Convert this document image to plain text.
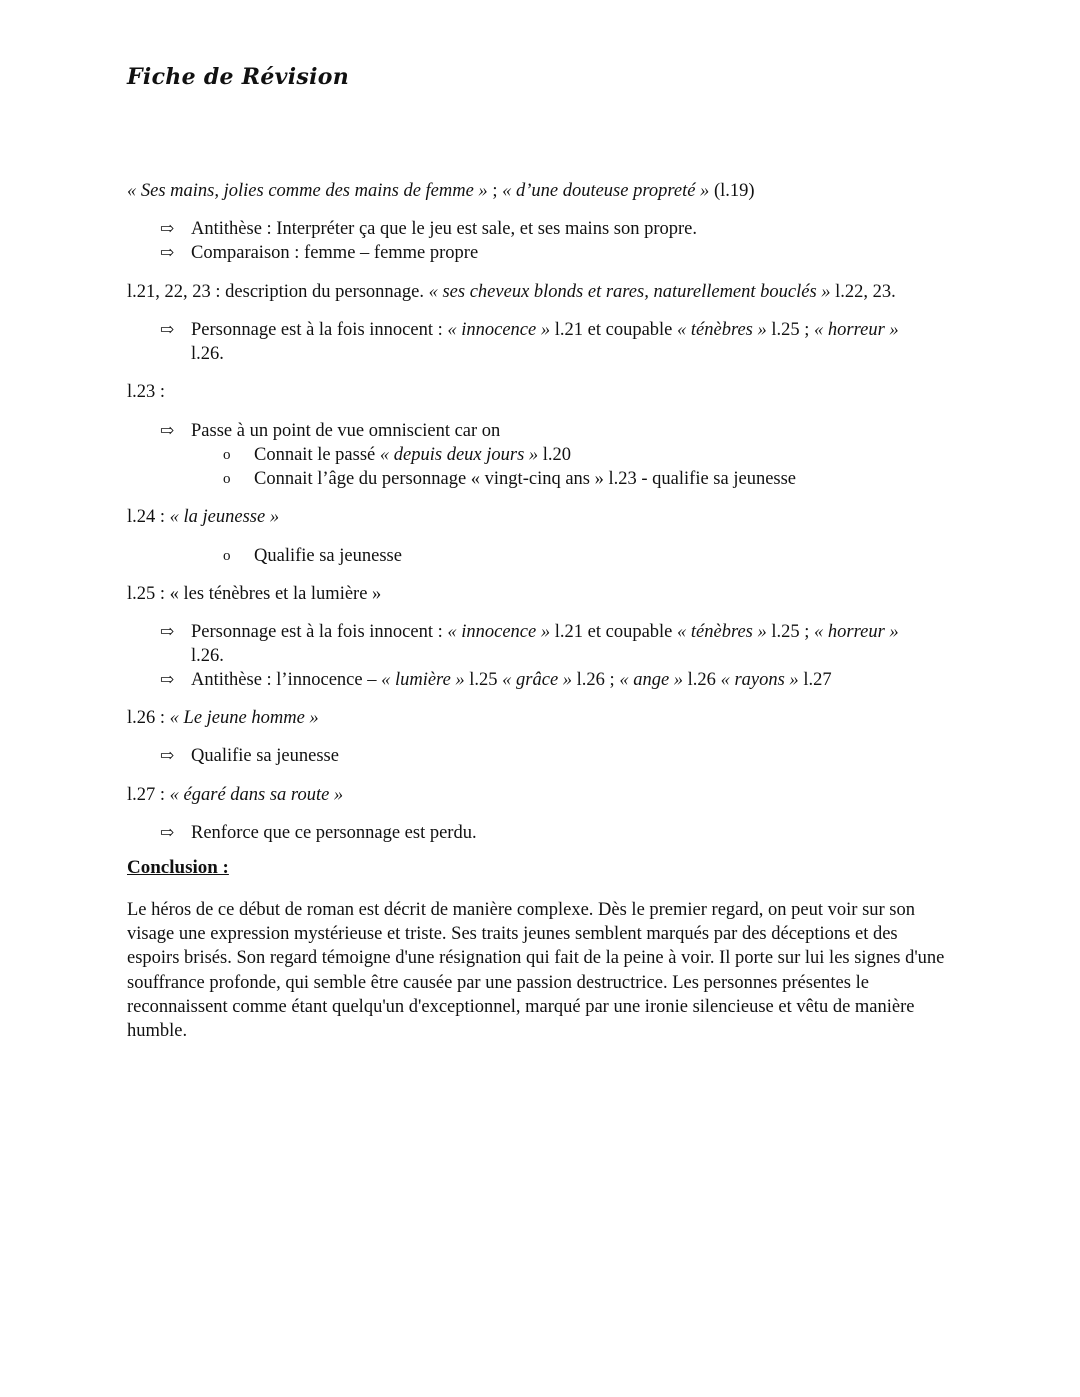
Fiche de Révision
« Ses mains, jolies comme des mains de femme » ; « d’une douteuse propreté » (l.19)
⇨ Antithèse : Interpréter ça que le jeu est sale, et ses mains son propre.
⇨ Comparaison : femme – femme propre
l.21, 22, 23 : description du personnage. « ses cheveux blonds et rares, naturellement bouclés » l.22, 23.
⇨ Personnage est à la fois innocent : « innocence » l.21 et coupable « ténèbres » l.25 ; « horreur »
l.26.
l.23 :
⇨ Passe à un point de vue omniscient car on
o Connait le passé « depuis deux jours » l.20
o Connait l’âge du personnage « vingt-cinq ans » l.23 - qualifie sa jeunesse
l.24 : « la jeunesse »
o Qualifie sa jeunesse
l.25 : « les ténèbres et la lumière »
⇨ Personnage est à la fois innocent : « innocence » l.21 et coupable « ténèbres » l.25 ; « horreur »
l.26.
⇨ Antithèse : l’innocence – « lumière » l.25 « grâce » l.26 ; « ange » l.26 « rayons » l.27
l.26 : « Le jeune homme »
⇨ Qualifie sa jeunesse
l.27 : « égaré dans sa route »
⇨ Renforce que ce personnage est perdu.
Conclusion :
Le héros de ce début de roman est décrit de manière complexe. Dès le premier regard, on peut voir sur son visage une expression mystérieuse et triste. Ses traits jeunes semblent marqués par des déceptions et des espoirs brisés. Son regard témoigne d'une résignation qui fait de la peine à voir. Il porte sur lui les signes d'une souffrance profonde, qui semble être causée par une passion destructrice. Les personnes présentes le reconnaissent comme étant quelqu'un d'exceptionnel, marqué par une ironie silencieuse et vêtu de manière humble.
